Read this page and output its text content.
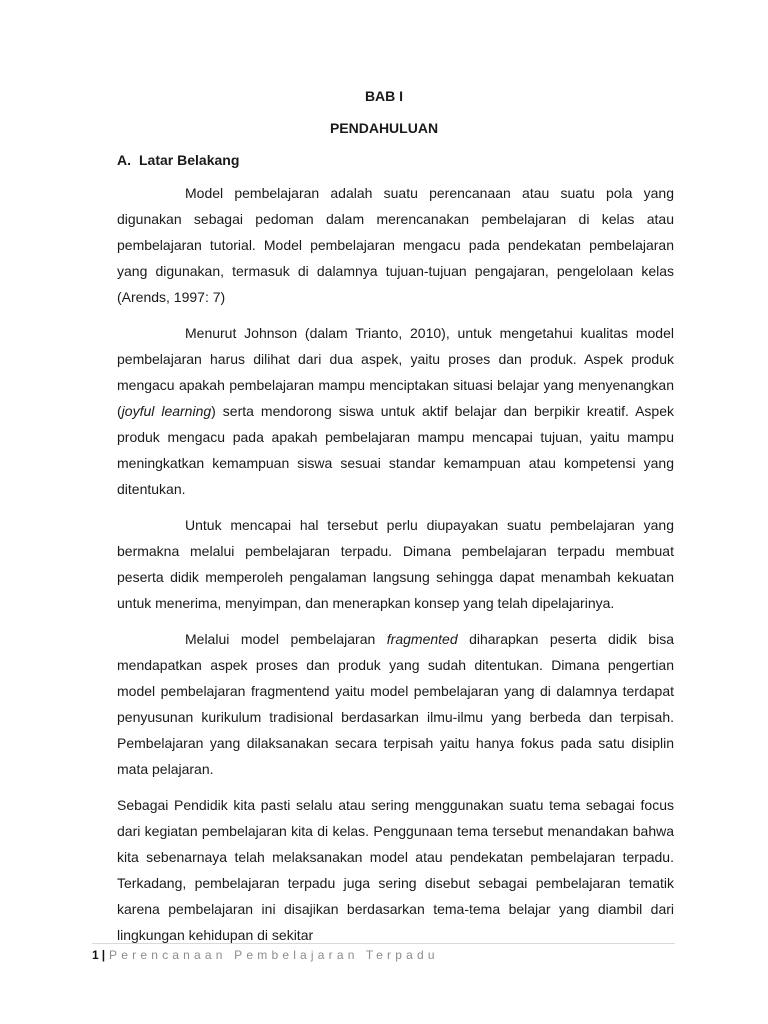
BAB I
PENDAHULUAN
A. Latar Belakang

Model pembelajaran adalah suatu perencanaan atau suatu pola yang digunakan sebagai pedoman dalam merencanakan pembelajaran di kelas atau pembelajaran tutorial. Model pembelajaran mengacu pada pendekatan pembelajaran yang digunakan, termasuk di dalamnya tujuan-tujuan pengajaran, pengelolaan kelas (Arends, 1997: 7)

Menurut Johnson (dalam Trianto, 2010), untuk mengetahui kualitas model pembelajaran harus dilihat dari dua aspek, yaitu proses dan produk. Aspek produk mengacu apakah pembelajaran mampu menciptakan situasi belajar yang menyenangkan (joyful learning) serta mendorong siswa untuk aktif belajar dan berpikir kreatif. Aspek produk mengacu pada apakah pembelajaran mampu mencapai tujuan, yaitu mampu meningkatkan kemampuan siswa sesuai standar kemampuan atau kompetensi yang ditentukan.

Untuk mencapai hal tersebut perlu diupayakan suatu pembelajaran yang bermakna melalui pembelajaran terpadu. Dimana pembelajaran terpadu membuat peserta didik memperoleh pengalaman langsung sehingga dapat menambah kekuatan untuk menerima, menyimpan, dan menerapkan konsep yang telah dipelajarinya.

Melalui model pembelajaran fragmented diharapkan peserta didik bisa mendapatkan aspek proses dan produk yang sudah ditentukan. Dimana pengertian model pembelajaran fragmentend yaitu model pembelajaran yang di dalamnya terdapat penyusunan kurikulum tradisional berdasarkan ilmu-ilmu yang berbeda dan terpisah. Pembelajaran yang dilaksanakan secara terpisah yaitu hanya fokus pada satu disiplin mata pelajaran.

Sebagai Pendidik kita pasti selalu atau sering menggunakan suatu tema sebagai focus dari kegiatan pembelajaran kita di kelas. Penggunaan tema tersebut menandakan bahwa kita sebenarnaya telah melaksanakan model atau pendekatan pembelajaran terpadu. Terkadang, pembelajaran terpadu juga sering disebut sebagai pembelajaran tematik karena pembelajaran ini disajikan berdasarkan tema-tema belajar yang diambil dari lingkungan kehidupan di sekitar

1 | Perencanaan Pembelajaran Terpadu
